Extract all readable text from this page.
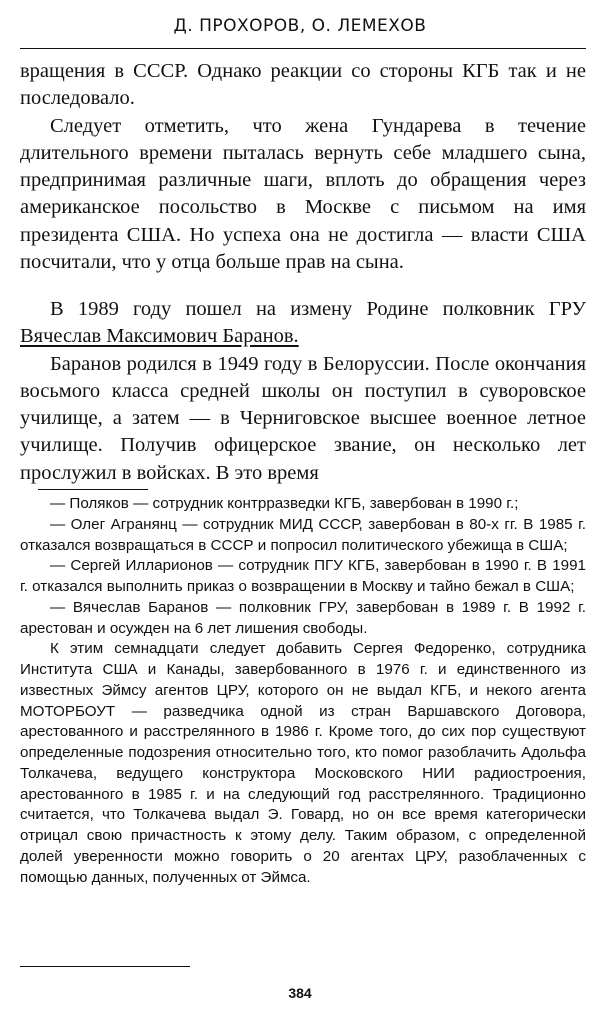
Д. ПРОХОРОВ, О. ЛЕМЕХОВ

вращения в СССР. Однако реакции со стороны КГБ так и не последовало.

Следует отметить, что жена Гундарева в течение длительного времени пыталась вернуть себе младшего сына, предпринимая различные шаги, вплоть до обращения через американское посольство в Москве с письмом на имя президента США. Но успеха она не достигла — власти США посчитали, что у отца больше прав на сына.

В 1989 году пошел на измену Родине полковник ГРУ Вячеслав Максимович Баранов.

Баранов родился в 1949 году в Белоруссии. После окончания восьмого класса средней школы он поступил в суворовское училище, а затем — в Черниговское высшее военное летное училище. Получив офицерское звание, он несколько лет прослужил в войсках. В это время

— Поляков — сотрудник контрразведки КГБ, завербован в 1990 г.;

— Олег Агранянц — сотрудник МИД СССР, завербован в 80-х гг. В 1985 г. отказался возвращаться в СССР и попросил политического убежища в США;

— Сергей Илларионов — сотрудник ПГУ КГБ, завербован в 1990 г. В 1991 г. отказался выполнить приказ о возвращении в Москву и тайно бежал в США;

— Вячеслав Баранов — полковник ГРУ, завербован в 1989 г. В 1992 г. арестован и осужден на 6 лет лишения свободы.

К этим семнадцати следует добавить Сергея Федоренко, сотрудника Института США и Канады, завербованного в 1976 г. и единственного из известных Эймсу агентов ЦРУ, которого он не выдал КГБ, и некого агента МОТОРБОУТ — разведчика одной из стран Варшавского Договора, арестованного и расстрелянного в 1986 г. Кроме того, до сих пор существуют определенные подозрения относительно того, кто помог разоблачить Адольфа Толкачева, ведущего конструктора Московского НИИ радиостроения, арестованного в 1985 г. и на следующий год расстрелянного. Традиционно считается, что Толкачева выдал Э. Говард, но он все время категорически отрицал свою причастность к этому делу. Таким образом, с определенной долей уверенности можно говорить о 20 агентах ЦРУ, разоблаченных с помощью данных, полученных от Эймса.

384
